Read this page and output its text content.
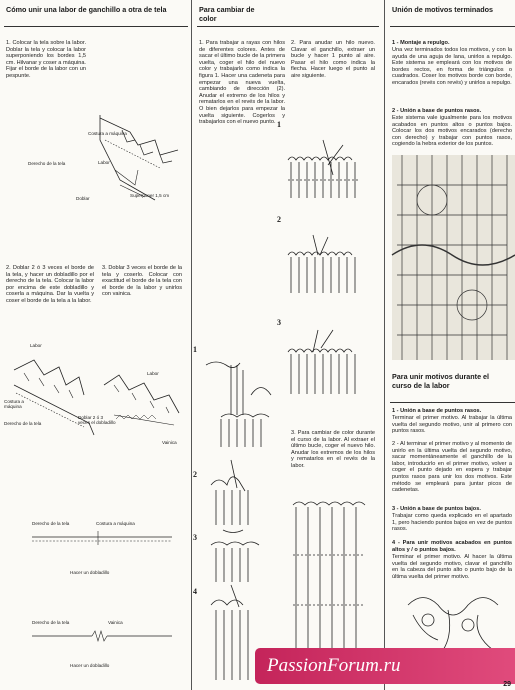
Cómo unir una labor de ganchillo a otra de tela
1. Colocar la tela sobre la labor. Doblar la tela y colocar la labor superponiendo los bordes 1,5 cm. Hilvanar y coser a máquina. Fijar el borde de la labor con un pespunte.
Costura a máquina
Derecho de la tela	Labor
Doblar
Superponer 1,5 cm
2. Doblar 2 ó 3 veces el borde de la tela, y hacer un dobladillo por el derecho de la tela. Colocar la labor por encima de este dobladillo y coserla a máquina. Dar la vuelta y coser el borde de la tela a la labor.
3. Doblar 3 veces el borde de la tela y coserlo. Colocar con exactitud el borde de la tela con el borde de la labor y unirlos con vainica.
Labor
Labor
Costura a máquina
Derecho de la tela
Doblar 2 ó 3 veces el dobladillo
Vainica
Derecho de la tela	Costura a máquina
Hacer un dobladillo
Derecho de la tela	Vainica
Hacer un dobladillo
Para cambiar de color
1. Para trabajar a rayas con hilos de diferentes colores. Antes de sacar el último bucle de la primera vuelta, coger el hilo del nuevo color y trabajarlo como indica la figura 1. Hacer una cadeneta para empezar una nueva vuelta, cambiando de dirección (2). Anudar el extremo de los hilos y rematarlos en el revés de la labor. O bien dejarlos para empezar la vuelta siguiente. Cogerlos y trabajarlos con el nuevo punto.
2. Para anudar un hilo nuevo. Clavar el ganchillo, extraer un bucle y hacer 1 punto al aire. Pasar el hilo como indica la flecha. Hacer luego el punto al aire siguiente.
1
2
3
1
2
3
4
3. Para cambiar de color durante el curso de la labor. Al extraer el último bucle, coger el nuevo hilo. Anudar los extremos de los hilos y rematarlos en el revés de la labor.
Unión de motivos terminados
1 - Montaje a repulgo.
Una vez terminados todos los motivos, y con la ayuda de una aguja de lana, unirlos a repulgo. Este sistema se empleará con los motivos de bordes rectos, en forma de triángulos o cuadrados. Coser los motivos borde con borde, encarados (revés con revés) y unirlos a repulgo.
2 - Unión a base de puntos rasos.
Este sistema vale igualmente para los motivos acabados en puntos altos o puntos bajos. Colocar los dos motivos encarados (derecho con derecho) y trabajar con puntos rasos, cogiendo la hebra exterior de los puntos.
Para unir motivos durante el curso de la labor
1 - Unión a base de puntos rasos.
Terminar el primer motivo. Al trabajar la última vuelta del segundo motivo, unir al primero con puntos rasos.
2 - Al terminar el primer motivo y al momento de unirlo en la última vuelta del segundo motivo, sacar momentáneamente el ganchillo de la labor, introducirlo en el primer motivo, volver a coger el punto dejado en espera y trabajar puntos rasos para unir los dos motivos. Este método se empleará para juntar picos de cadenetas.
3 - Unión a base de puntos bajos.
Trabajar como queda explicado en el apartado 1, pero haciendo puntos bajos en vez de puntos rasos.
4 - Para unir motivos acabados en puntos altos y / o puntos bajos.
Terminar el primer motivo. Al hacer la última vuelta del segundo motivo, clavar el ganchillo en la cabeza del punto alto o punto bajo de la última vuelta del primer motivo.
PassionForum.ru
29
